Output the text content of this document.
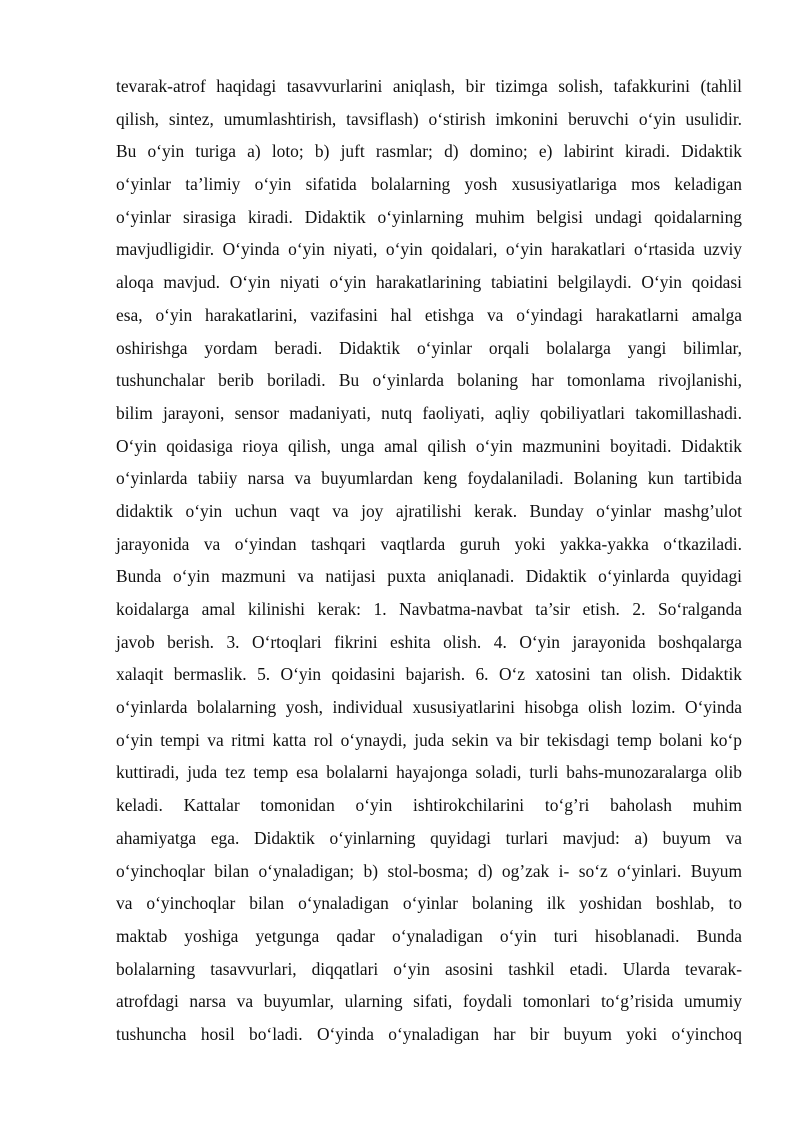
tevarak-atrof haqidagi tasavvurlarini aniqlash, bir tizimga solish, tafakkurini (tahlil
qilish, sintez, umumlashtirish, tavsiflash) o‘stirish imkonini beruvchi o‘yin usulidir.
Bu o‘yin turiga a) loto; b) juft rasmlar; d) domino; e) labirint kiradi. Didaktik
o‘yinlar ta’limiy o‘yin sifatida bolalarning yosh xususiyatlariga mos keladigan
o‘yinlar sirasiga kiradi. Didaktik o‘yinlarning muhim belgisi undagi qoidalarning
mavjudligidir. O‘yinda o‘yin niyati, o‘yin qoidalari, o‘yin harakatlari o‘rtasida uzviy
aloqa mavjud. O‘yin niyati o‘yin harakatlarining tabiatini belgilaydi. O‘yin qoidasi
esa, o‘yin harakatlarini, vazifasini hal etishga va o‘yindagi harakatlarni amalga
oshirishga yordam beradi. Didaktik o‘yinlar orqali bolalarga yangi bilimlar,
tushunchalar berib boriladi. Bu o‘yinlarda bolaning har tomonlama rivojlanishi,
bilim jarayoni, sensor madaniyati, nutq faoliyati, aqliy qobiliyatlari takomillashadi.
O‘yin qoidasiga rioya qilish, unga amal qilish o‘yin mazmunini boyitadi. Didaktik
o‘yinlarda tabiiy narsa va buyumlardan keng foydalaniladi. Bolaning kun tartibida
didaktik o‘yin uchun vaqt va joy ajratilishi kerak. Bunday o‘yinlar mashg’ulot
jarayonida va o‘yindan tashqari vaqtlarda guruh yoki yakka-yakka o‘tkaziladi.
Bunda o‘yin mazmuni va natijasi puxta aniqlanadi. Didaktik o‘yinlarda quyidagi
koidalarga amal kilinishi kerak: 1. Navbatma-navbat ta’sir etish. 2. So‘ralganda
javob berish. 3. O‘rtoqlari fikrini eshita olish. 4. O‘yin jarayonida boshqalarga
xalaqit bermaslik. 5. O‘yin qoidasini bajarish. 6. O‘z xatosini tan olish. Didaktik
o‘yinlarda bolalarning yosh, individual xususiyatlarini hisobga olish lozim. O‘yinda
o‘yin tempi va ritmi katta rol o‘ynaydi, juda sekin va bir tekisdagi temp bolani ko‘p
kuttiradi, juda tez temp esa bolalarni hayajonga soladi, turli bahs-munozaralarga olib
keladi. Kattalar tomonidan o‘yin ishtirokchilarini to‘g’ri baholash muhim
ahamiyatga ega. Didaktik o‘yinlarning quyidagi turlari mavjud: a) buyum va
o‘yinchoqlar bilan o‘ynaladigan; b) stol-bosma; d) og’zak i- so‘z o‘yinlari. Buyum
va o‘yinchoqlar bilan o‘ynaladigan o‘yinlar bolaning ilk yoshidan boshlab, to
maktab yoshiga yetgunga qadar o‘ynaladigan o‘yin turi hisoblanadi. Bunda
bolalarning tasavvurlari, diqqatlari o‘yin asosini tashkil etadi. Ularda tevarak-
atrofdagi narsa va buyumlar, ularning sifati, foydali tomonlari to‘g’risida umumiy
tushuncha hosil bo‘ladi. O‘yinda o‘ynaladigan har bir buyum yoki o‘yinchoq
